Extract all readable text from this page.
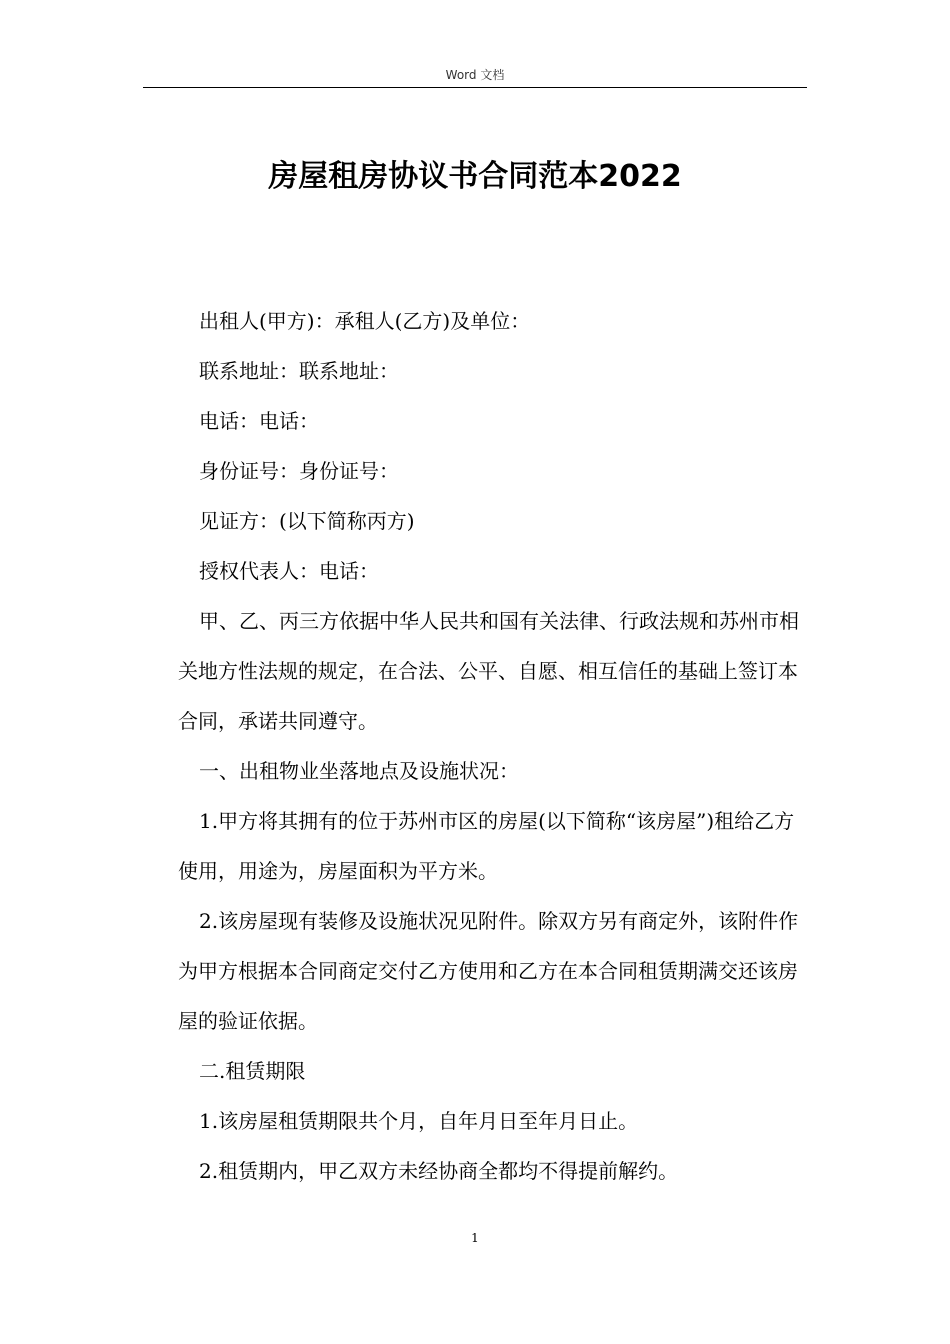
Word 文档
房屋租房协议书合同范本2022

出租人(甲方)：承租人(乙方)及单位：

联系地址：联系地址：

电话：电话：

身份证号：身份证号：

见证方：(以下简称丙方)

授权代表人：电话：

甲、乙、丙三方依据中华人民共和国有关法律、行政法规和苏州市相关地方性法规的规定，在合法、公平、自愿、相互信任的基础上签订本合同，承诺共同遵守。

一、出租物业坐落地点及设施状况：

1.甲方将其拥有的位于苏州市区的房屋(以下简称“该房屋”)租给乙方使用，用途为，房屋面积为平方米。

2.该房屋现有装修及设施状况见附件。除双方另有商定外，该附件作为甲方根据本合同商定交付乙方使用和乙方在本合同租赁期满交还该房屋的验证依据。

二.租赁期限

1.该房屋租赁期限共个月，自年月日至年月日止。

2.租赁期内，甲乙双方未经协商全都均不得提前解约。

1
